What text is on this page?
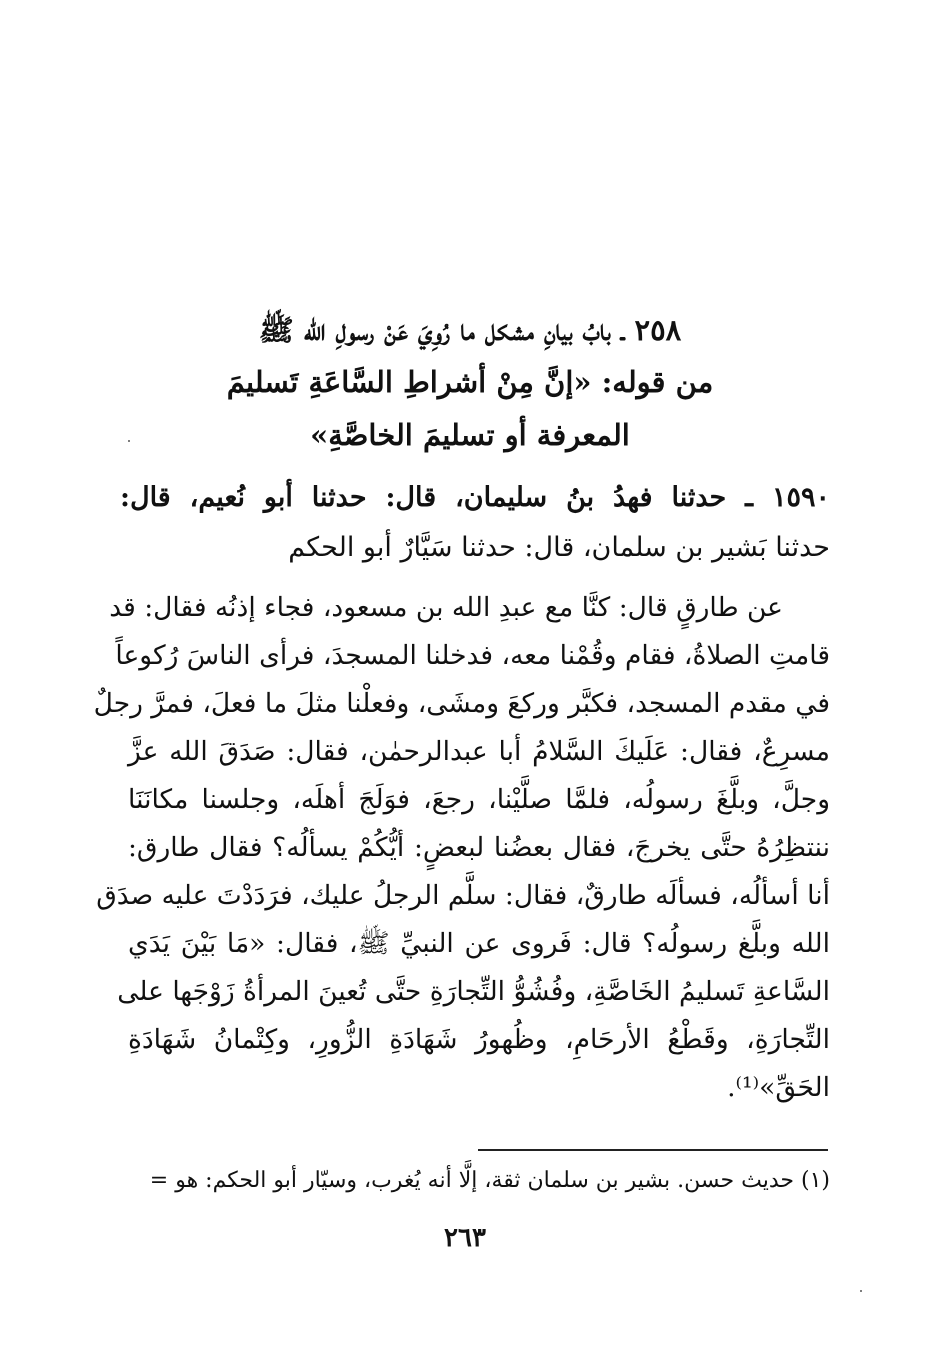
٢٥٨ ـ بابُ بيانِ مشكل ما رُوِيَ عَنْ رسولِ الله ﷺ
من قوله: «إنَّ مِنْ أشراطِ السَّاعَةِ تَسليمَ
المعرفة أو تسليمَ الخاصَّةِ»
١٥٩٠ ـ حدثنا فهدُ بنُ سليمان، قال: حدثنا أبو نُعيم، قال:
حدثنا بَشير بن سلمان، قال: حدثنا سَيَّارٌ أبو الحكم
عن طارقٍ قال: كنَّا مع عبدِ الله بن مسعود، فجاء إذنُه فقال: قد
قامتِ الصلاةُ، فقام وقُمْنا معه، فدخلنا المسجدَ، فرأى الناسَ رُكوعاً
في مقدم المسجد، فكبَّر وركعَ ومشَى، وفعلْنا مثلَ ما فعلَ، فمرَّ رجلٌ
مسرِعٌ، فقال: عَلَيكَ السَّلامُ أبا عبدالرحمٰن، فقال: صَدَقَ الله عزَّ
وجلَّ، وبلَّغَ رسولُه، فلمَّا صلَّيْنا، رجعَ، فوَلَجَ أهلَه، وجلسنا مكانَنَا
ننتظِرُهُ حتَّى يخرجَ، فقال بعضُنا لبعضٍ: أيُّكُمْ يسألُه؟ فقال طارق:
أنا أسألُه، فسألَه طارقٌ، فقال: سلَّم الرجلُ عليك، فرَدَدْتَ عليه صدَق
الله وبلَّغ رسولُه؟ قال: فَروى عن النبيِّ ﷺ، فقال: «مَا بَيْنَ يَدَي
السَّاعةِ تَسليمُ الخَاصَّةِ، وفُشُوُّ التِّجارَةِ حتَّى تُعينَ المرأةُ زَوْجَها على
التِّجارَةِ، وقَطْعُ الأرحَامِ، وظُهورُ شَهَادَةِ الزُّورِ، وكِتْمانُ شَهَادَةِ
الحَقِّ»⁽¹⁾.
(١) حديث حسن. بشير بن سلمان ثقة، إلَّا أنه يُغرب، وسيّار أبو الحكم: هو =
٢٦٣
